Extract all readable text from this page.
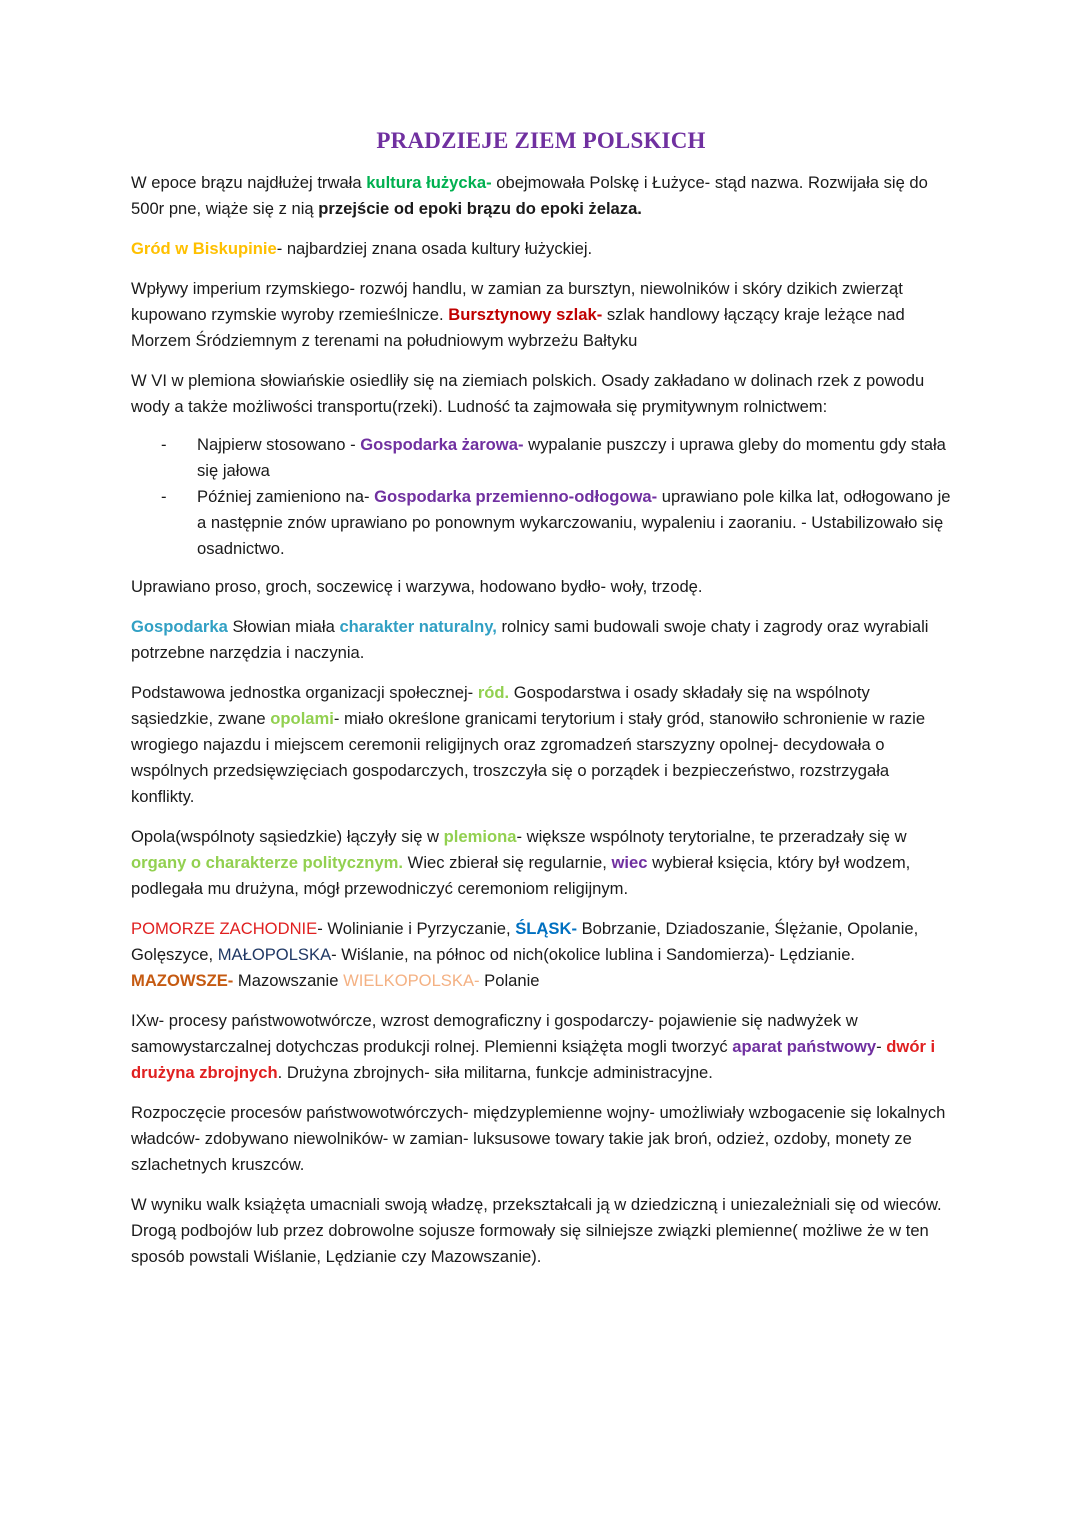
PRADZIEJE ZIEM POLSKICH

W epoce brązu najdłużej trwała kultura łużycka- obejmowała Polskę i Łużyce- stąd nazwa. Rozwijała się do 500r pne, wiąże się z nią przejście od epoki brązu do epoki żelaza.

Gród w Biskupinie- najbardziej znana osada kultury łużyckiej.

Wpływy imperium rzymskiego- rozwój handlu, w zamian za bursztyn, niewolników i skóry dzikich zwierząt kupowano rzymskie wyroby rzemieślnicze. Bursztynowy szlak- szlak handlowy łączący kraje leżące nad Morzem Śródziemnym z terenami na południowym wybrzeżu Bałtyku

W VI w plemiona słowiańskie osiedliły się na ziemiach polskich. Osady zakładano w dolinach rzek z powodu wody a także możliwości transportu(rzeki). Ludność ta zajmowała się prymitywnym rolnictwem:

- Najpierw stosowano - Gospodarka żarowa- wypalanie puszczy i uprawa gleby do momentu gdy stała się jałowa
- Później zamieniono na- Gospodarka przemienno-odłogowa- uprawiano pole kilka lat, odłogowano je a następnie znów uprawiano po ponownym wykarczowaniu, wypaleniu i zaoraniu. - Ustabilizowało się osadnictwo.

Uprawiano proso, groch, soczewicę i warzywa, hodowano bydło- woły, trzodę.

Gospodarka Słowian miała charakter naturalny, rolnicy sami budowali swoje chaty i zagrody oraz wyrabiali potrzebne narzędzia i naczynia.

Podstawowa jednostka organizacji społecznej- ród. Gospodarstwa i osady składały się na wspólnoty sąsiedzkie, zwane opolami- miało określone granicami terytorium i stały gród, stanowiło schronienie w razie wrogiego najazdu i miejscem ceremonii religijnych oraz zgromadzeń starszyzny opolnej- decydowała o wspólnych przedsięwzięciach gospodarczych, troszczyła się o porządek i bezpieczeństwo, rozstrzygała konflikty.

Opola(wspólnoty sąsiedzkie) łączyły się w plemiona- większe wspólnoty terytorialne, te przeradzały się w organy o charakterze politycznym. Wiec zbierał się regularnie, wiec wybierał księcia, który był wodzem, podlegała mu drużyna, mógł przewodniczyć ceremoniom religijnym.

POMORZE ZACHODNIE- Wolinianie i Pyrzyczanie, ŚLĄSK- Bobrzanie, Dziadoszanie, Ślężanie, Opolanie, Golęszyce, MAŁOPOLSKA- Wiślanie, na północ od nich(okolice lublina i Sandomierza)- Lędzianie. MAZOWSZE- Mazowszanie WIELKOPOLSKA- Polanie

IXw- procesy państwowotwórcze, wzrost demograficzny i gospodarczy- pojawienie się nadwyżek w samowystarczalnej dotychczas produkcji rolnej. Plemienni książęta mogli tworzyć aparat państwowy- dwór i drużyna zbrojnych. Drużyna zbrojnych- siła militarna, funkcje administracyjne.

Rozpoczęcie procesów państwowotwórczych- międzyplemienne wojny- umożliwiały wzbogacenie się lokalnych władców- zdobywano niewolników- w zamian- luksusowe towary takie jak broń, odzież, ozdoby, monety ze szlachetnych kruszców.

W wyniku walk książęta umacniali swoją władzę, przekształcali ją w dziedziczną i uniezależniali się od wieców. Drogą podbojów lub przez dobrowolne sojusze formowały się silniejsze związki plemienne( możliwe że w ten sposób powstali Wiślanie, Lędzianie czy Mazowszanie).
